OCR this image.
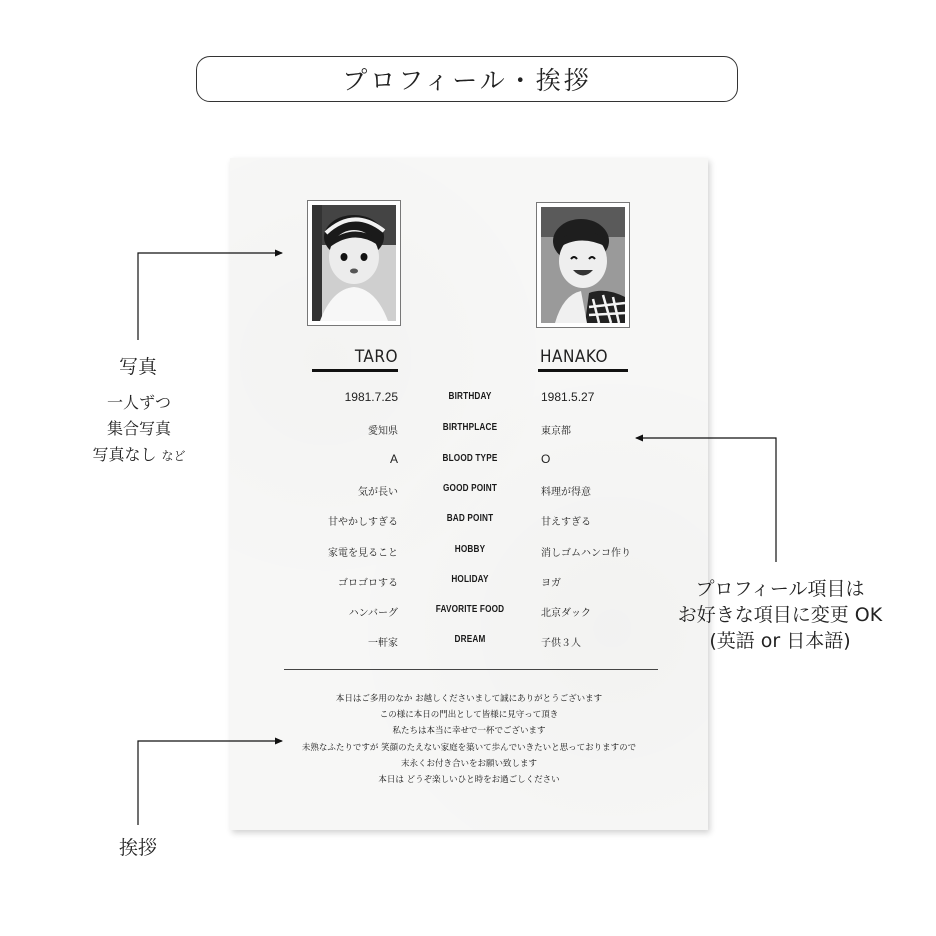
プロフィール・挨拶
TARO	HANAKO
1981.7.25	BIRTHDAY	1981.5.27
愛知県	BIRTHPLACE	東京都
A	BLOOD TYPE	O
気が長い	GOOD POINT	料理が得意
甘やかしすぎる	BAD POINT	甘えすぎる
家電を見ること	HOBBY	消しゴムハンコ作り
ゴロゴロする	HOLIDAY	ヨガ
ハンバーグ	FAVORITE FOOD	北京ダック
一軒家	DREAM	子供３人
本日はご多用のなか お越しくださいまして誠にありがとうございます
この様に本日の門出として皆様に見守って頂き
私たちは本当に幸せで一杯でございます
未熟なふたりですが 笑顔のたえない家庭を築いて歩んでいきたいと思っておりますので
末永くお付き合いをお願い致します
本日は どうぞ楽しいひと時をお過ごしください
写真
一人ずつ
集合写真
写真なし など
プロフィール項目は
お好きな項目に変更 OK
(英語 or 日本語)
挨拶
